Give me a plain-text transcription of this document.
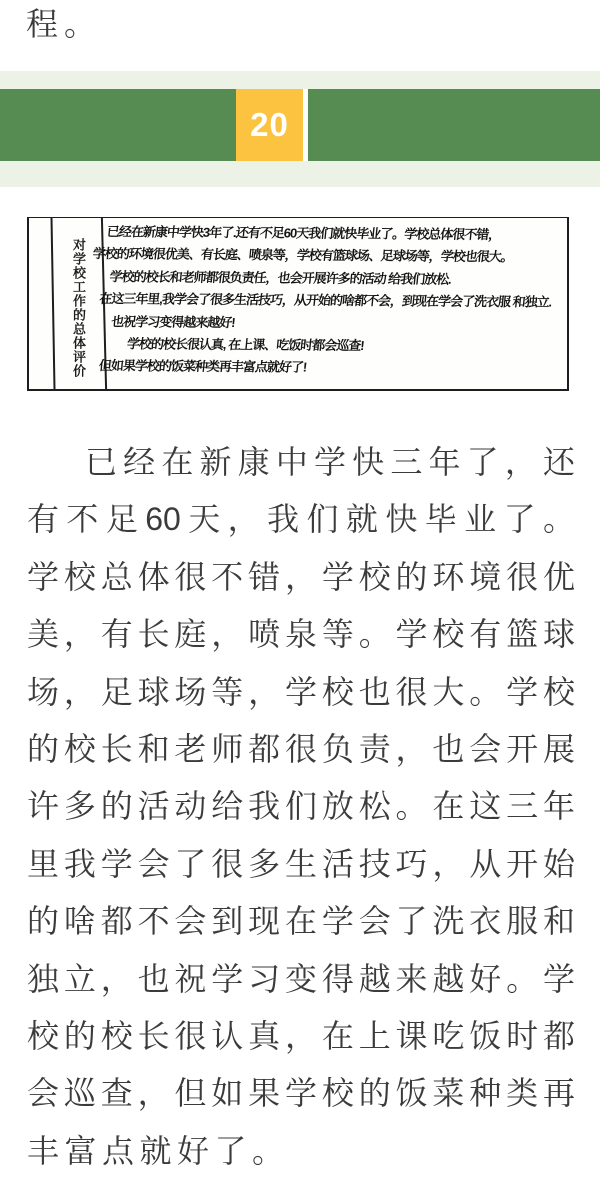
程。
20
对学校工作的总体评价
已经在新康中学快3年了.还有不足60天我们就快毕业了。学校总体很不错，
学校的环境很优美、有长庭、喷泉等，学校有篮球场、足球场等，学校也很大。
学校的校长和老师都很负责任，也会开展许多的活动 给我们放松.
在这三年里,我学会了很多生活技巧，从开始的啥都不会，到现在学会了洗衣服 和独立.
也祝学习变得越来越好!
学校的校长很认真, 在上课、吃饭时都会巡查!
但如果学校的饭菜种类再丰富点就好了!
已经在新康中学快三年了，还
有不足60天，我们就快毕业了。
学校总体很不错，学校的环境很优
美，有长庭，喷泉等。学校有篮球
场，足球场等，学校也很大。学校
的校长和老师都很负责，也会开展
许多的活动给我们放松。在这三年
里我学会了很多生活技巧，从开始
的啥都不会到现在学会了洗衣服和
独立，也祝学习变得越来越好。学
校的校长很认真，在上课吃饭时都
会巡查，但如果学校的饭菜种类再
丰富点就好了。
